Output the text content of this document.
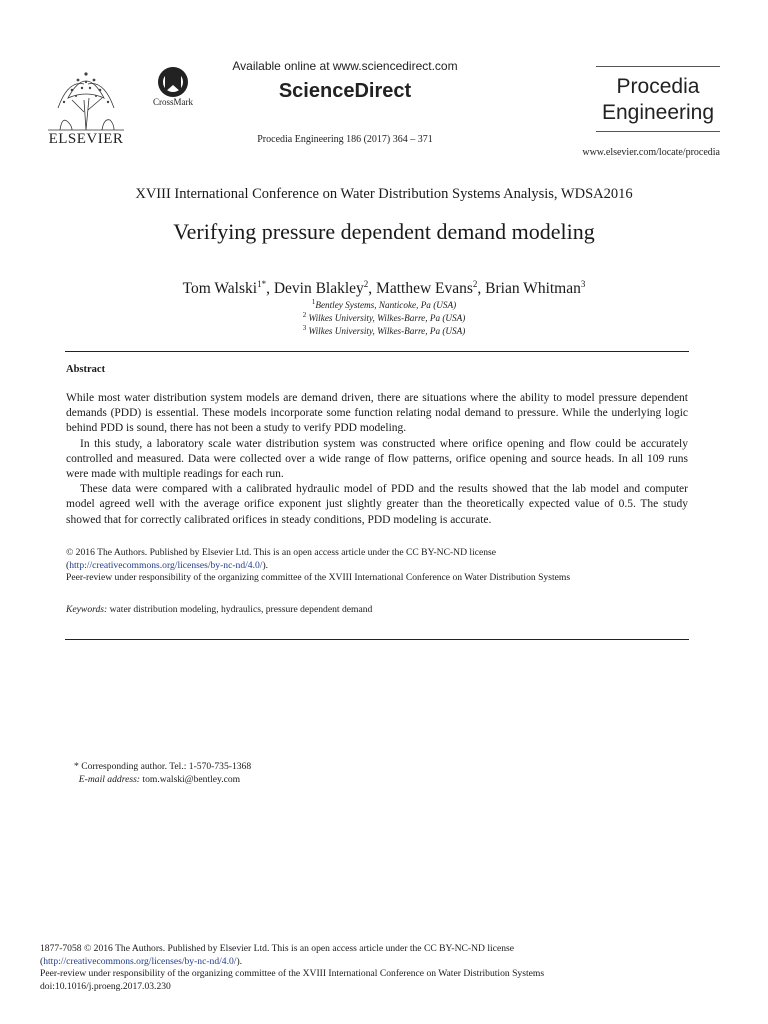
ELSEVIER
CrossMark
Available online at www.sciencedirect.com
ScienceDirect
Procedia Engineering 186 (2017) 364 – 371
Procedia
Engineering
www.elsevier.com/locate/procedia
XVIII International Conference on Water Distribution Systems Analysis, WDSA2016
Verifying pressure dependent demand modeling
Tom Walski$^{1*}$, Devin Blakley$^2$, Matthew Evans$^2$, Brian Whitman$^3$
$^1$Bentley Systems, Nanticoke, Pa (USA)
$^2$ Wilkes University, Wilkes-Barre, Pa (USA)
$^3$ Wilkes University, Wilkes-Barre, Pa (USA)
Abstract

While most water distribution system models are demand driven, there are situations where the ability to model pressure dependent demands (PDD) is essential. These models incorporate some function relating nodal demand to pressure. While the underlying logic behind PDD is sound, there has not been a study to verify PDD modeling.

In this study, a laboratory scale water distribution system was constructed where orifice opening and flow could be accurately controlled and measured. Data were collected over a wide range of flow patterns, orifice opening and source heads. In all 109 runs were made with multiple readings for each run.

These data were compared with a calibrated hydraulic model of PDD and the results showed that the lab model and computer model agreed well with the average orifice exponent just slightly greater than the theoretically expected value of 0.5. The study showed that for correctly calibrated orifices in steady conditions, PDD modeling is accurate.

© 2016 The Authors. Published by Elsevier Ltd. This is an open access article under the CC BY-NC-ND license

(http://creativecommons.org/licenses/by-nc-nd/4.0/).

Peer-review under responsibility of the organizing committee of the XVIII International Conference on Water Distribution Systems

Keywords: water distribution modeling, hydraulics, pressure dependent demand

* Corresponding author. Tel.: 1-570-735-1368

E-mail address: tom.walski@bentley.com

1877-7058 © 2016 The Authors. Published by Elsevier Ltd. This is an open access article under the CC BY-NC-ND license

(http://creativecommons.org/licenses/by-nc-nd/4.0/).

Peer-review under responsibility of the organizing committee of the XVIII International Conference on Water Distribution Systems

doi:10.1016/j.proeng.2017.03.230
